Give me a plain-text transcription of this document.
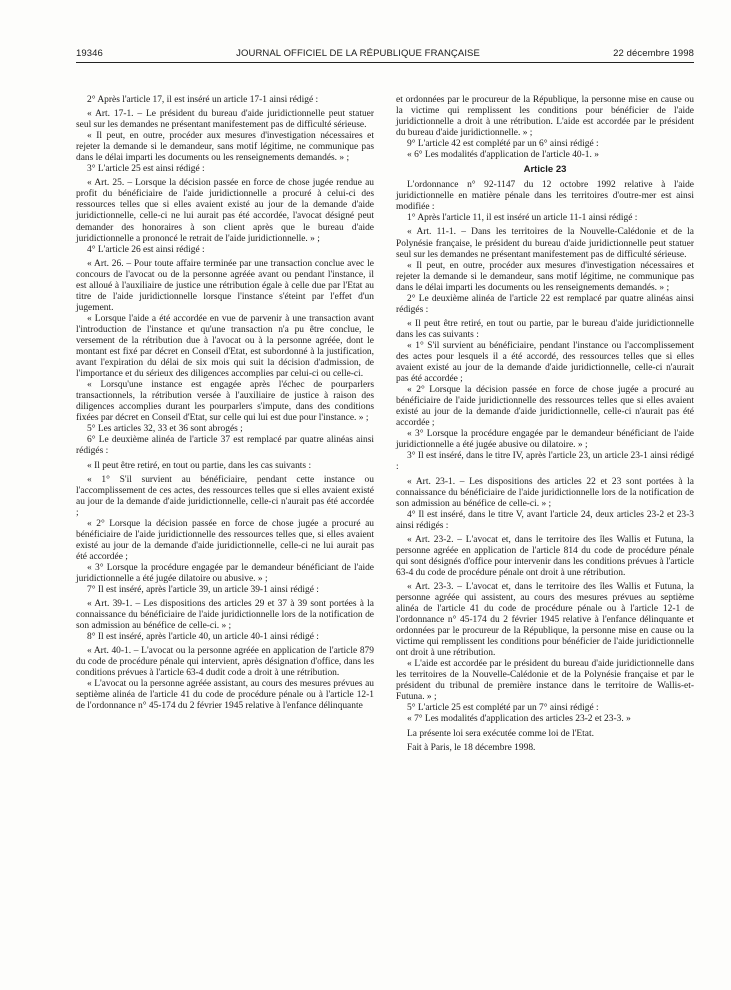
19346	JOURNAL OFFICIEL DE LA RÉPUBLIQUE FRANÇAISE	22 décembre 1998

2° Après l'article 17, il est inséré un article 17-1 ainsi rédigé :

« Art. 17-1. – Le président du bureau d'aide juridictionnelle peut statuer seul sur les demandes ne présentant manifestement pas de difficulté sérieuse.

« Il peut, en outre, procéder aux mesures d'investigation nécessaires et rejeter la demande si le demandeur, sans motif légitime, ne communique pas dans le délai imparti les documents ou les renseignements demandés. » ;

3° L'article 25 est ainsi rédigé :

« Art. 25. – Lorsque la décision passée en force de chose jugée rendue au profit du bénéficiaire de l'aide juridictionnelle a procuré à celui-ci des ressources telles que si elles avaient existé au jour de la demande d'aide juridictionnelle, celle-ci ne lui aurait pas été accordée, l'avocat désigné peut demander des honoraires à son client après que le bureau d'aide juridictionnelle a prononcé le retrait de l'aide juridictionnelle. » ;

4° L'article 26 est ainsi rédigé :

« Art. 26. – Pour toute affaire terminée par une transaction conclue avec le concours de l'avocat ou de la personne agréée avant ou pendant l'instance, il est alloué à l'auxiliaire de justice une rétribution égale à celle due par l'Etat au titre de l'aide juridictionnelle lorsque l'instance s'éteint par l'effet d'un jugement.

« Lorsque l'aide a été accordée en vue de parvenir à une transaction avant l'introduction de l'instance et qu'une transaction n'a pu être conclue, le versement de la rétribution due à l'avocat ou à la personne agréée, dont le montant est fixé par décret en Conseil d'Etat, est subordonné à la justification, avant l'expiration du délai de six mois qui suit la décision d'admission, de l'importance et du sérieux des diligences accomplies par celui-ci ou celle-ci.

« Lorsqu'une instance est engagée après l'échec de pourparlers transactionnels, la rétribution versée à l'auxiliaire de justice à raison des diligences accomplies durant les pourparlers s'impute, dans des conditions fixées par décret en Conseil d'Etat, sur celle qui lui est due pour l'instance. » ;

5° Les articles 32, 33 et 36 sont abrogés ;

6° Le deuxième alinéa de l'article 37 est remplacé par quatre alinéas ainsi rédigés :

« Il peut être retiré, en tout ou partie, dans les cas suivants :

« 1° S'il survient au bénéficiaire, pendant cette instance ou l'accomplissement de ces actes, des ressources telles que si elles avaient existé au jour de la demande d'aide juridictionnelle, celle-ci n'aurait pas été accordée ;

« 2° Lorsque la décision passée en force de chose jugée a procuré au bénéficiaire de l'aide juridictionnelle des ressources telles que, si elles avaient existé au jour de la demande d'aide juridictionnelle, celle-ci ne lui aurait pas été accordée ;

« 3° Lorsque la procédure engagée par le demandeur bénéficiant de l'aide juridictionnelle a été jugée dilatoire ou abusive. » ;

7° Il est inséré, après l'article 39, un article 39-1 ainsi rédigé :

« Art. 39-1. – Les dispositions des articles 29 et 37 à 39 sont portées à la connaissance du bénéficiaire de l'aide juridictionnelle lors de la notification de son admission au bénéfice de celle-ci. » ;

8° Il est inséré, après l'article 40, un article 40-1 ainsi rédigé :

« Art. 40-1. – L'avocat ou la personne agréée en application de l'article 879 du code de procédure pénale qui intervient, après désignation d'office, dans les conditions prévues à l'article 63-4 dudit code a droit à une rétribution.

« L'avocat ou la personne agréée assistant, au cours des mesures prévues au septième alinéa de l'article 41 du code de procédure pénale ou à l'article 12-1 de l'ordonnance n° 45-174 du 2 février 1945 relative à l'enfance délinquante

et ordonnées par le procureur de la République, la personne mise en cause ou la victime qui remplissent les conditions pour bénéficier de l'aide juridictionnelle a droit à une rétribution. L'aide est accordée par le président du bureau d'aide juridictionnelle. » ;

9° L'article 42 est complété par un 6° ainsi rédigé :

« 6° Les modalités d'application de l'article 40-1. »

Article 23

L'ordonnance n° 92-1147 du 12 octobre 1992 relative à l'aide juridictionnelle en matière pénale dans les territoires d'outre-mer est ainsi modifiée :

1° Après l'article 11, il est inséré un article 11-1 ainsi rédigé :

« Art. 11-1. – Dans les territoires de la Nouvelle-Calédonie et de la Polynésie française, le président du bureau d'aide juridictionnelle peut statuer seul sur les demandes ne présentant manifestement pas de difficulté sérieuse.

« Il peut, en outre, procéder aux mesures d'investigation nécessaires et rejeter la demande si le demandeur, sans motif légitime, ne communique pas dans le délai imparti les documents ou les renseignements demandés. » ;

2° Le deuxième alinéa de l'article 22 est remplacé par quatre alinéas ainsi rédigés :

« Il peut être retiré, en tout ou partie, par le bureau d'aide juridictionnelle dans les cas suivants :

« 1° S'il survient au bénéficiaire, pendant l'instance ou l'accomplissement des actes pour lesquels il a été accordé, des ressources telles que si elles avaient existé au jour de la demande d'aide juridictionnelle, celle-ci n'aurait pas été accordée ;

« 2° Lorsque la décision passée en force de chose jugée a procuré au bénéficiaire de l'aide juridictionnelle des ressources telles que si elles avaient existé au jour de la demande d'aide juridictionnelle, celle-ci n'aurait pas été accordée ;

« 3° Lorsque la procédure engagée par le demandeur bénéficiant de l'aide juridictionnelle a été jugée abusive ou dilatoire. » ;

3° Il est inséré, dans le titre IV, après l'article 23, un article 23-1 ainsi rédigé :

« Art. 23-1. – Les dispositions des articles 22 et 23 sont portées à la connaissance du bénéficiaire de l'aide juridictionnelle lors de la notification de son admission au bénéfice de celle-ci. » ;

4° Il est inséré, dans le titre V, avant l'article 24, deux articles 23-2 et 23-3 ainsi rédigés :

« Art. 23-2. – L'avocat et, dans le territoire des îles Wallis et Futuna, la personne agréée en application de l'article 814 du code de procédure pénale qui sont désignés d'office pour intervenir dans les conditions prévues à l'article 63-4 du code de procédure pénale ont droit à une rétribution.

« Art. 23-3. – L'avocat et, dans le territoire des îles Wallis et Futuna, la personne agréée qui assistent, au cours des mesures prévues au septième alinéa de l'article 41 du code de procédure pénale ou à l'article 12-1 de l'ordonnance n° 45-174 du 2 février 1945 relative à l'enfance délinquante et ordonnées par le procureur de la République, la personne mise en cause ou la victime qui remplissent les conditions pour bénéficier de l'aide juridictionnelle ont droit à une rétribution.

« L'aide est accordée par le président du bureau d'aide juridictionnelle dans les territoires de la Nouvelle-Calédonie et de la Polynésie française et par le président du tribunal de première instance dans le territoire de Wallis-et-Futuna. » ;

5° L'article 25 est complété par un 7° ainsi rédigé :

« 7° Les modalités d'application des articles 23-2 et 23-3. »

La présente loi sera exécutée comme loi de l'Etat.

Fait à Paris, le 18 décembre 1998.
